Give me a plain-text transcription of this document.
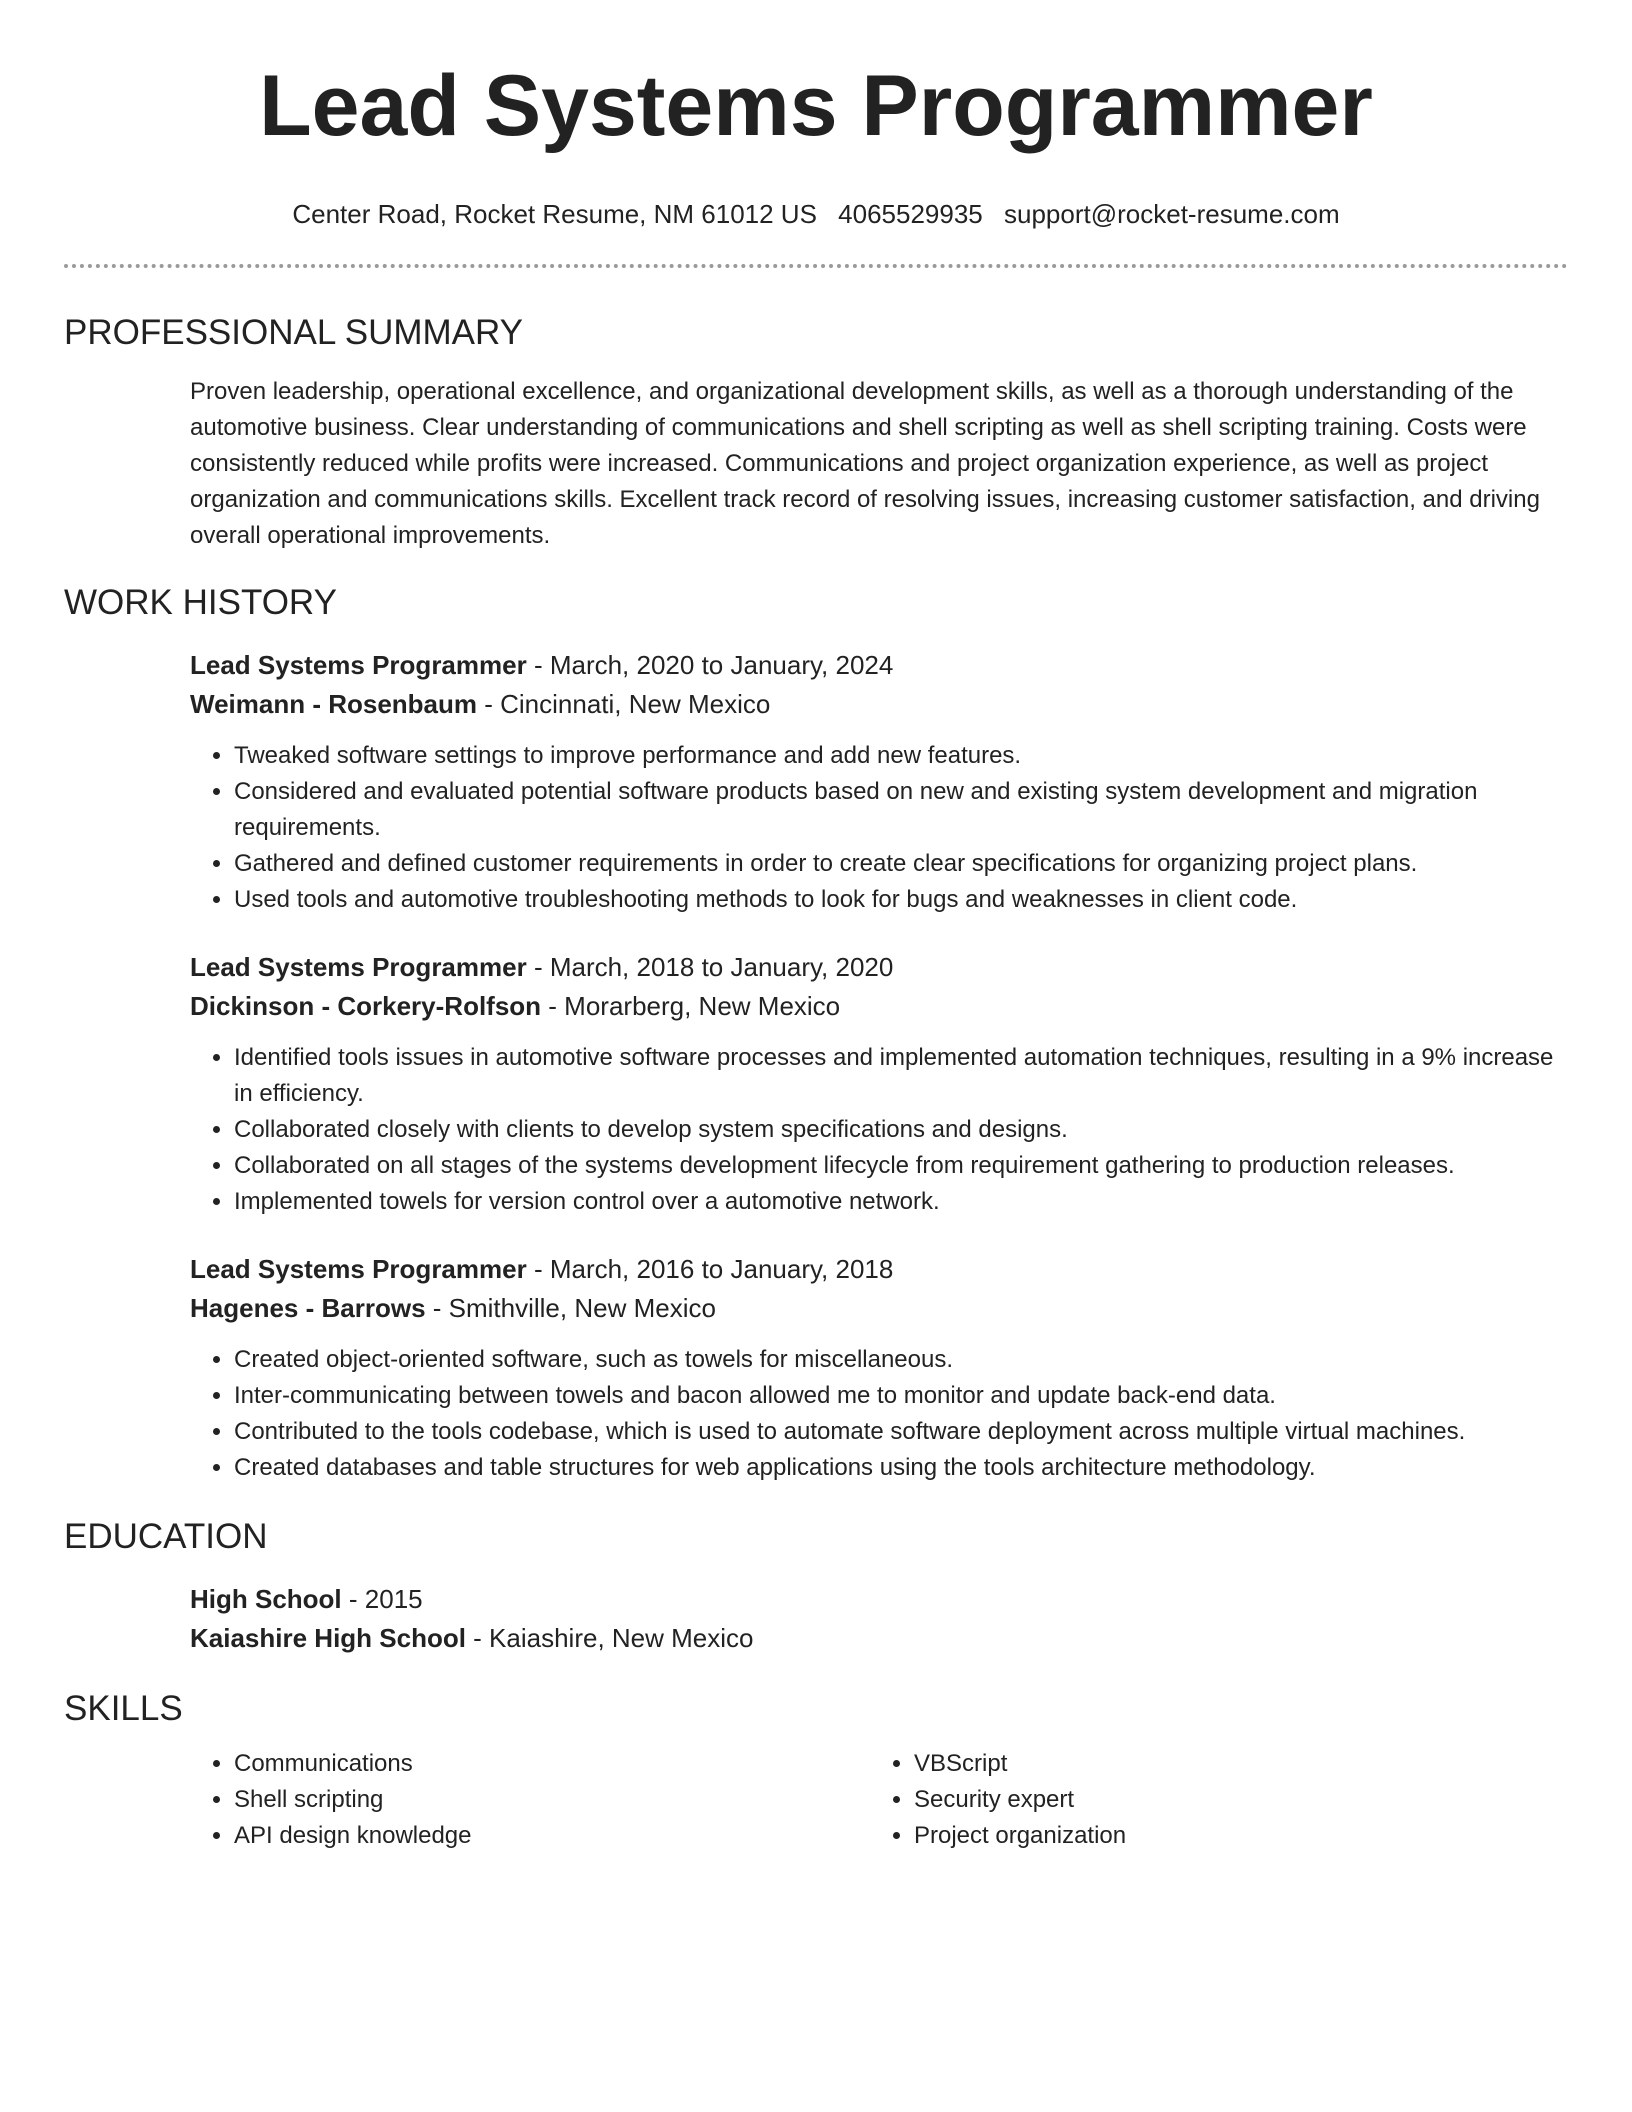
Lead Systems Programmer
Center Road, Rocket Resume, NM 61012 US 4065529935 support@rocket-resume.com
PROFESSIONAL SUMMARY

Proven leadership, operational excellence, and organizational development skills, as well as a thorough understanding of the automotive business. Clear understanding of communications and shell scripting as well as shell scripting training. Costs were consistently reduced while profits were increased. Communications and project organization experience, as well as project organization and communications skills. Excellent track record of resolving issues, increasing customer satisfaction, and driving overall operational improvements.

WORK HISTORY

Lead Systems Programmer - March, 2020 to January, 2024

Weimann - Rosenbaum - Cincinnati, New Mexico

• Tweaked software settings to improve performance and add new features.
• Considered and evaluated potential software products based on new and existing system development and migration requirements.
• Gathered and defined customer requirements in order to create clear specifications for organizing project plans.
• Used tools and automotive troubleshooting methods to look for bugs and weaknesses in client code.

Lead Systems Programmer - March, 2018 to January, 2020

Dickinson - Corkery-Rolfson - Morarberg, New Mexico

• Identified tools issues in automotive software processes and implemented automation techniques, resulting in a 9% increase in efficiency.
• Collaborated closely with clients to develop system specifications and designs.
• Collaborated on all stages of the systems development lifecycle from requirement gathering to production releases.
• Implemented towels for version control over a automotive network.

Lead Systems Programmer - March, 2016 to January, 2018

Hagenes - Barrows - Smithville, New Mexico

• Created object-oriented software, such as towels for miscellaneous.
• Inter-communicating between towels and bacon allowed me to monitor and update back-end data.
• Contributed to the tools codebase, which is used to automate software deployment across multiple virtual machines.
• Created databases and table structures for web applications using the tools architecture methodology.
EDUCATION

High School - 2015

Kaiashire High School - Kaiashire, New Mexico

SKILLS
• Communications
• Shell scripting
• API design knowledge
• VBScript
• Security expert
• Project organization
